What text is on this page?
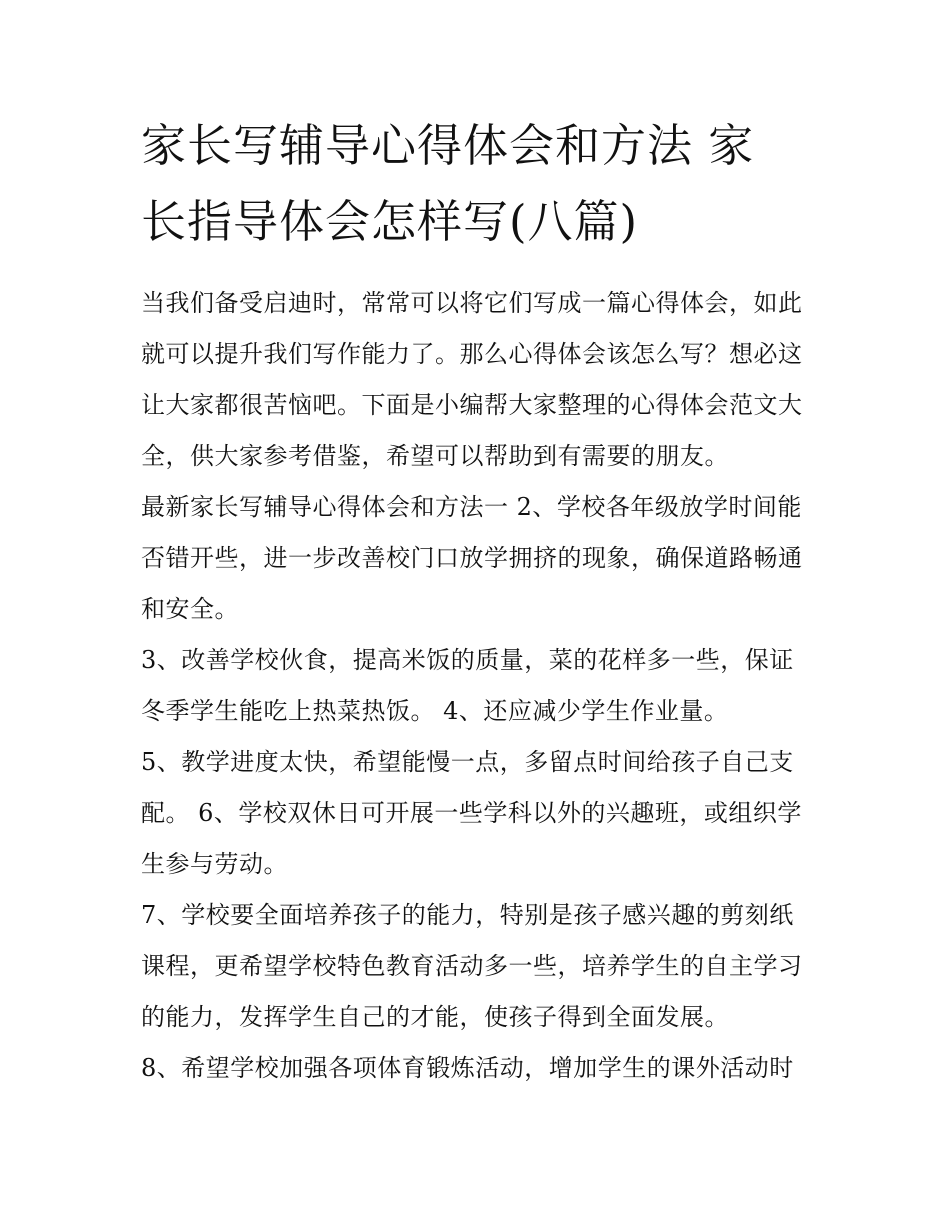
家长写辅导心得体会和方法 家
长指导体会怎样写(八篇)

当我们备受启迪时，常常可以将它们写成一篇心得体会，如此
就可以提升我们写作能力了。那么心得体会该怎么写？想必这
让大家都很苦恼吧。下面是小编帮大家整理的心得体会范文大
全，供大家参考借鉴，希望可以帮助到有需要的朋友。

最新家长写辅导心得体会和方法一 2、学校各年级放学时间能
否错开些，进一步改善校门口放学拥挤的现象，确保道路畅通
和安全。

3、改善学校伙食，提高米饭的质量，菜的花样多一些，保证
冬季学生能吃上热菜热饭。 4、还应减少学生作业量。

5、教学进度太快，希望能慢一点，多留点时间给孩子自己支
配。 6、学校双休日可开展一些学科以外的兴趣班，或组织学
生参与劳动。

7、学校要全面培养孩子的能力，特别是孩子感兴趣的剪刻纸
课程，更希望学校特色教育活动多一些，培养学生的自主学习
的能力，发挥学生自己的才能，使孩子得到全面发展。

8、希望学校加强各项体育锻炼活动，增加学生的课外活动时
